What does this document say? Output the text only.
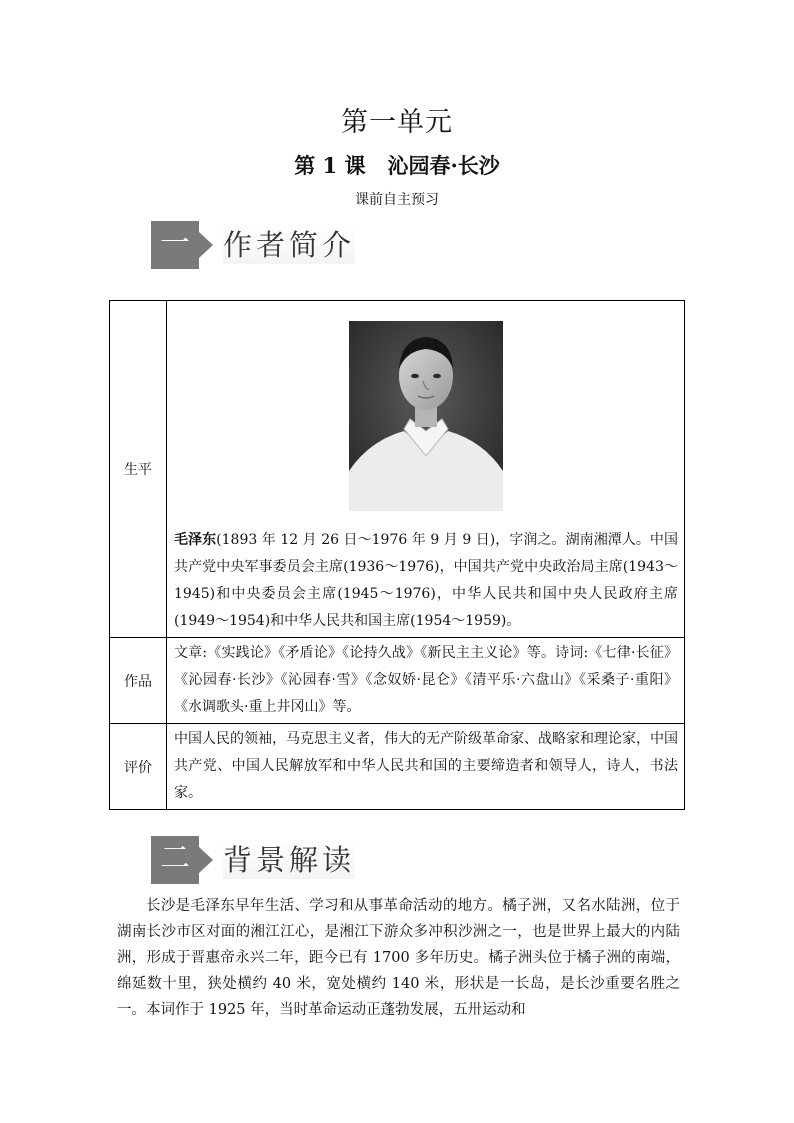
第一单元
第 1 课 沁园春·长沙
课前自主预习
一	作者简介
生平	毛泽东(1893 年 12 月 26 日～1976 年 9 月 9 日)，字润之。湖南湘潭人。中国共产党中央军事委员会主席(1936～1976)，中国共产党中央政治局主席(1943～1945)和中央委员会主席(1945～1976)，中华人民共和国中央人民政府主席(1949～1954)和中华人民共和国主席(1954～1959)。

作品	文章:《实践论》《矛盾论》《论持久战》《新民主主义论》等。诗词:《七律·长征》《沁园春·长沙》《沁园春·雪》《念奴娇·昆仑》《清平乐·六盘山》《采桑子·重阳》《水调歌头·重上井冈山》等。
评价	中国人民的领袖，马克思主义者，伟大的无产阶级革命家、战略家和理论家，中国共产党、中国人民解放军和中华人民共和国的主要缔造者和领导人，诗人，书法家。
二	背景解读
长沙是毛泽东早年生活、学习和从事革命活动的地方。橘子洲，又名水陆洲，位于湖南长沙市区对面的湘江江心，是湘江下游众多冲积沙洲之一，也是世界上最大的内陆洲，形成于晋惠帝永兴二年，距今已有 1700 多年历史。橘子洲头位于橘子洲的南端，绵延数十里，狭处横约 40 米，宽处横约 140 米，形状是一长岛，是长沙重要名胜之一。本词作于 1925 年，当时革命运动正蓬勃发展，五卅运动和
